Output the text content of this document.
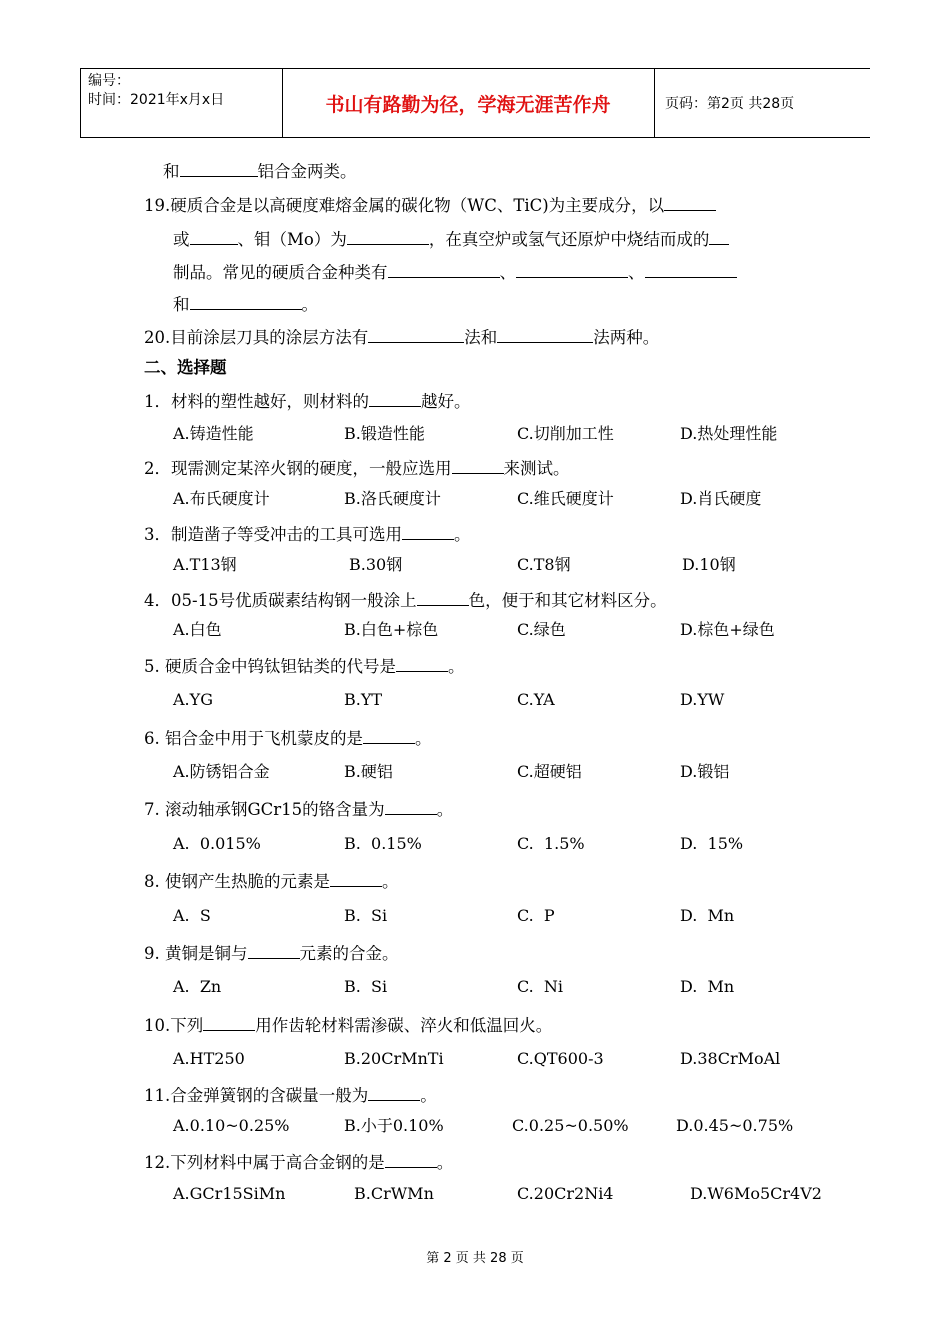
编号：
时间：2021年x月x日	书山有路勤为径，学海无涯苦作舟	页码：第2页 共28页
和	铝合金两类。
19.硬质合金是以高硬度难熔金属的碳化物（WC、TiC)为主要成分，以
或	、钼（Mo）为	，在真空炉或氢气还原炉中烧结而成的
制品。常见的硬质合金种类有	、	、
和	。
20.目前涂层刀具的涂层方法有	法和	法两种。
二、选择题
1．材料的塑性越好，则材料的	越好。
A.铸造性能	B.锻造性能	C.切削加工性	D.热处理性能
2．现需测定某淬火钢的硬度，一般应选用	来测试。
A.布氏硬度计	B.洛氏硬度计	C.维氏硬度计	D.肖氏硬度
3．制造凿子等受冲击的工具可选用	。
A.T13钢	B.30钢	C.T8钢	D.10钢
4．05-15号优质碳素结构钢一般涂上	色，便于和其它材料区分。
A.白色	B.白色+棕色	C.绿色	D.棕色+绿色
5. 硬质合金中钨钛钽钴类的代号是	。
A.YG	B.YT	C.YA	D.YW
6. 铝合金中用于飞机蒙皮的是	。
A.防锈铝合金	B.硬铝	C.超硬铝	D.锻铝
7. 滚动轴承钢GCr15的铬含量为	。
A.  0.015%	B.  0.15%	C.  1.5%	D.  15%
8. 使钢产生热脆的元素是	。
A.  S	B.  Si	C.  P	D.  Mn
9. 黄铜是铜与	元素的合金。
A.  Zn	B.  Si	C.  Ni	D.  Mn
10.下列	用作齿轮材料需渗碳、淬火和低温回火。
A.HT250	B.20CrMnTi	C.QT600-3	D.38CrMoAl
11.合金弹簧钢的含碳量一般为	。
A.0.10~0.25%	B.小于0.10%	C.0.25~0.50%	D.0.45~0.75%
12.下列材料中属于高合金钢的是	。
A.GCr15SiMn	B.CrWMn	C.20Cr2Ni4	D.W6Mo5Cr4V2
第 2 页 共 28 页
